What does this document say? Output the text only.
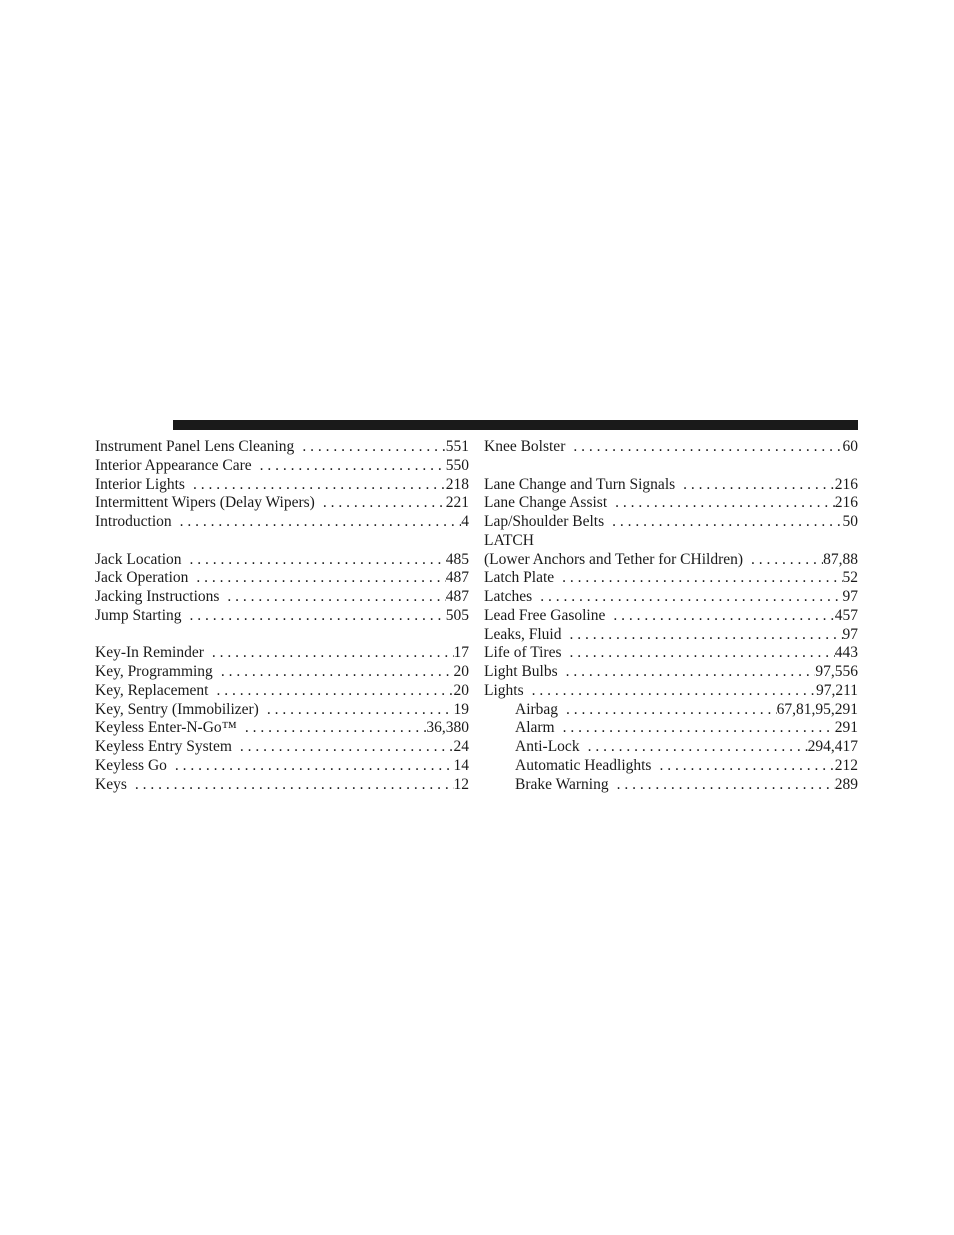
Instrument Panel Lens Cleaning . . .	551
Interior Appearance Care . . .	550
Interior Lights . . .	218
Intermittent Wipers (Delay Wipers) . . .	221
Introduction . . .	4
Jack Location . . .	485
Jack Operation . . .	487
Jacking Instructions . . .	487
Jump Starting . . .	505
Key-In Reminder . . .	17
Key, Programming . . .	20
Key, Replacement . . .	20
Key, Sentry (Immobilizer) . . .	19
Keyless Enter-N-Go™ . . .	36,380
Keyless Entry System . . .	24
Keyless Go . . .	14
Keys . . .	12
Knee Bolster . . .	60
Lane Change and Turn Signals . . .	216
Lane Change Assist . . .	216
Lap/Shoulder Belts . . .	50
LATCH
(Lower Anchors and Tether for CHildren) . . .	87,88
Latch Plate . . .	52
Latches . . .	97
Lead Free Gasoline . . .	457
Leaks, Fluid . . .	97
Life of Tires . . .	443
Light Bulbs . . .	97,556
Lights . . .	97,211
Airbag . . .	67,81,95,291
Alarm . . .	291
Anti-Lock . . .	294,417
Automatic Headlights . . .	212
Brake Warning . . .	289
